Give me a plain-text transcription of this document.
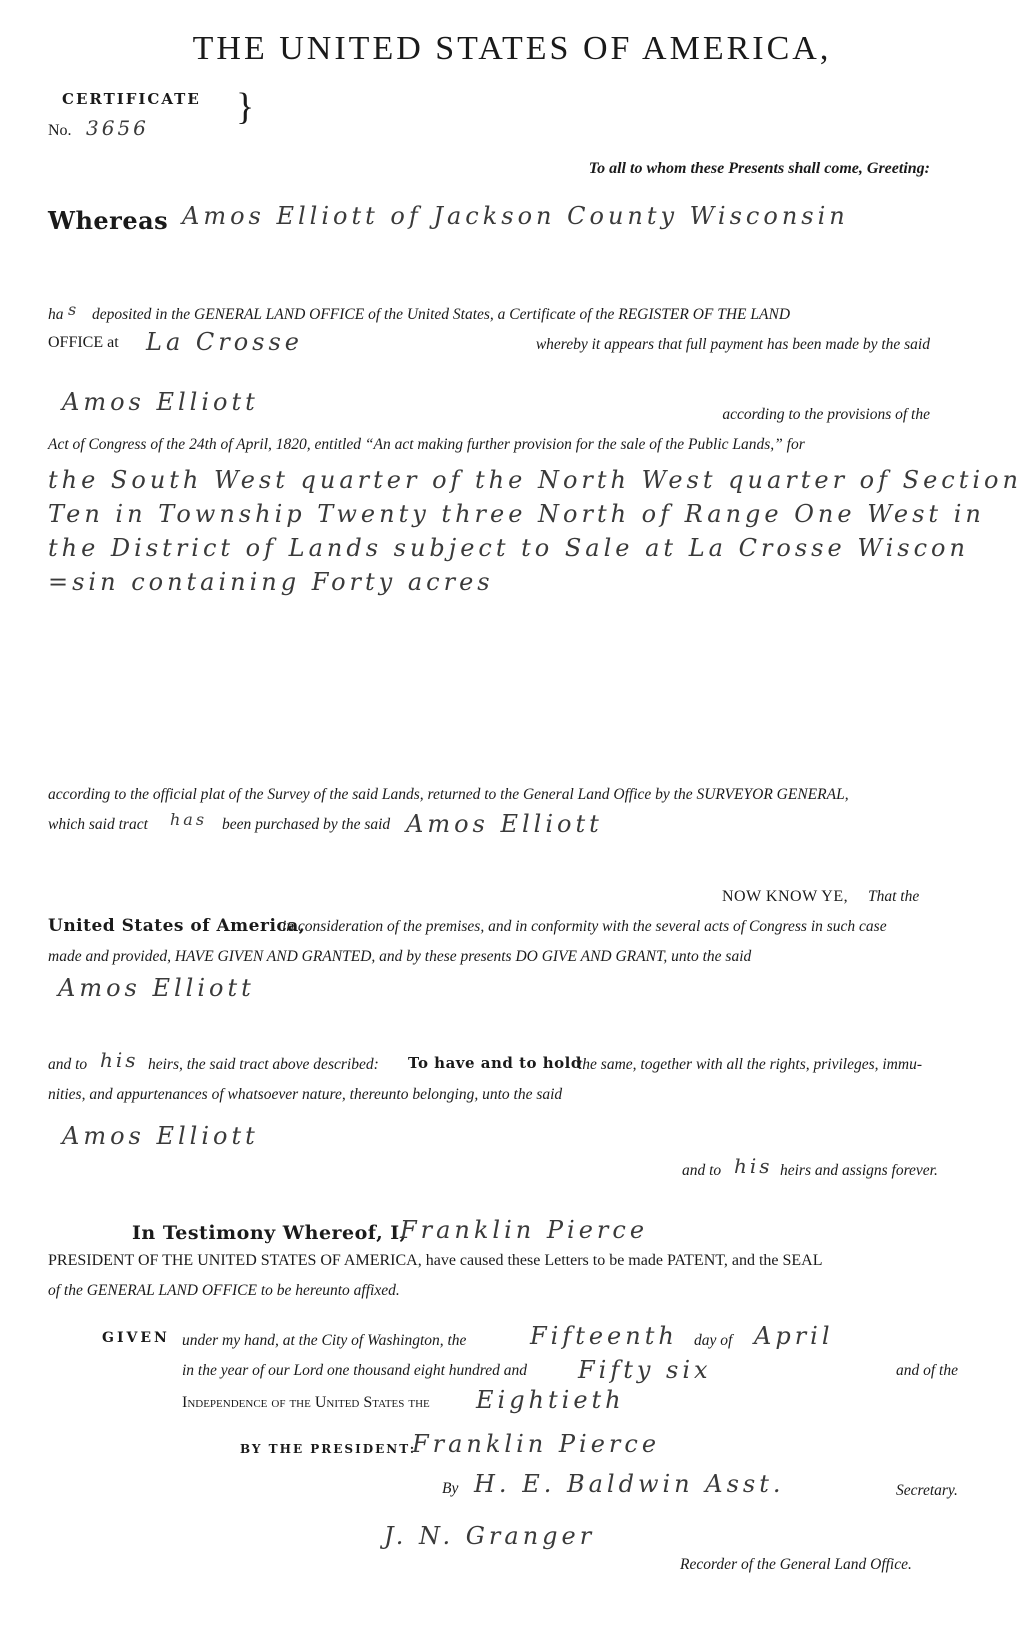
THE UNITED STATES OF AMERICA,
CERTIFICATE
No. 3656 }
To all to whom these Presents shall come, Greeting:
Whereas Amos Elliott of Jackson County Wisconsin
ha s deposited in the GENERAL LAND OFFICE of the United States, a Certificate of the REGISTER OF THE LAND
OFFICE at La Crosse	whereby it appears that full payment has been made by the said
Amos Elliott	according to the provisions of the
Act of Congress of the 24th of April, 1820, entitled “An act making further provision for the sale of the Public Lands,” for
the South West quarter of the North West quarter of Section
Ten in Township Twenty three North of Range One West in
the District of Lands subject to Sale at La Crosse Wiscon
=sin containing Forty acres
according to the official plat of the Survey of the said Lands, returned to the General Land Office by the SURVEYOR GENERAL,
which said tract has been purchased by the said Amos Elliott
NOW KNOW YE, That the
United States of America,
in consideration of the premises, and in conformity with the several acts of Congress in such case
made and provided, HAVE GIVEN AND GRANTED, and by these presents DO GIVE AND GRANT, unto the said
Amos Elliott
and to his heirs, the said tract above described: To have and to hold
the same, together with all the rights, privileges, immu-
nities, and appurtenances of whatsoever nature, thereunto belonging, unto the said
Amos Elliott
and to his heirs and assigns forever.
In Testimony Whereof, I,
Franklin Pierce
PRESIDENT OF THE UNITED STATES OF AMERICA, have caused these Letters to be made PATENT, and the SEAL
of the GENERAL LAND OFFICE to be hereunto affixed.
GIVEN under my hand, at the City of Washington, the	Fifteenth day of April
in the year of our Lord one thousand eight hundred and Fifty six	and of the
Independence of the United States the Eightieth
BY THE PRESIDENT:
Franklin Pierce
By H. E. Baldwin Asst.	Secretary.
J. N. Granger
Recorder of the General Land Office.
